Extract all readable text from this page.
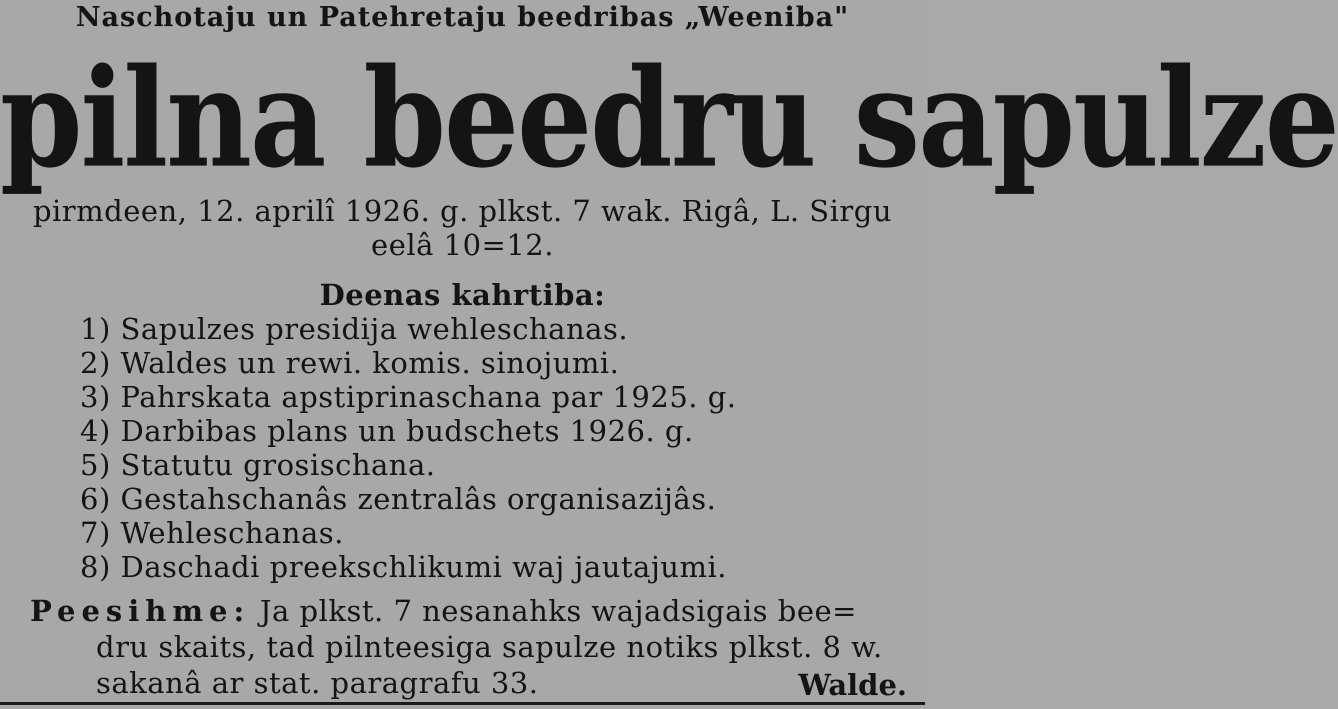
Naschotaju un Patehretaju beedribas „Weeniba"
pilna beedru sapulze
pirmdeen, 12. aprilî 1926. g. plkst. 7 wak. Rigâ, L. Sirgu
eelâ 10=12.
Deenas kahrtiba:
1) Sapulzes presidija wehleschanas.
2) Waldes un rewi. komis. sinojumi.
3) Pahrskata apstiprinaschana par 1925. g.
4) Darbibas plans un budschets 1926. g.
5) Statutu grosischana.
6) Gestahschanâs zentralâs organisazijâs.
7) Wehleschanas.
8) Daschadi preekschlikumi waj jautajumi.
Peesihme: Ja plkst. 7 nesanahks wajadsigais bee=
dru skaits, tad pilnteesiga sapulze notiks plkst. 8 w.
sakanâ ar stat. paragrafu 33.	Walde.
